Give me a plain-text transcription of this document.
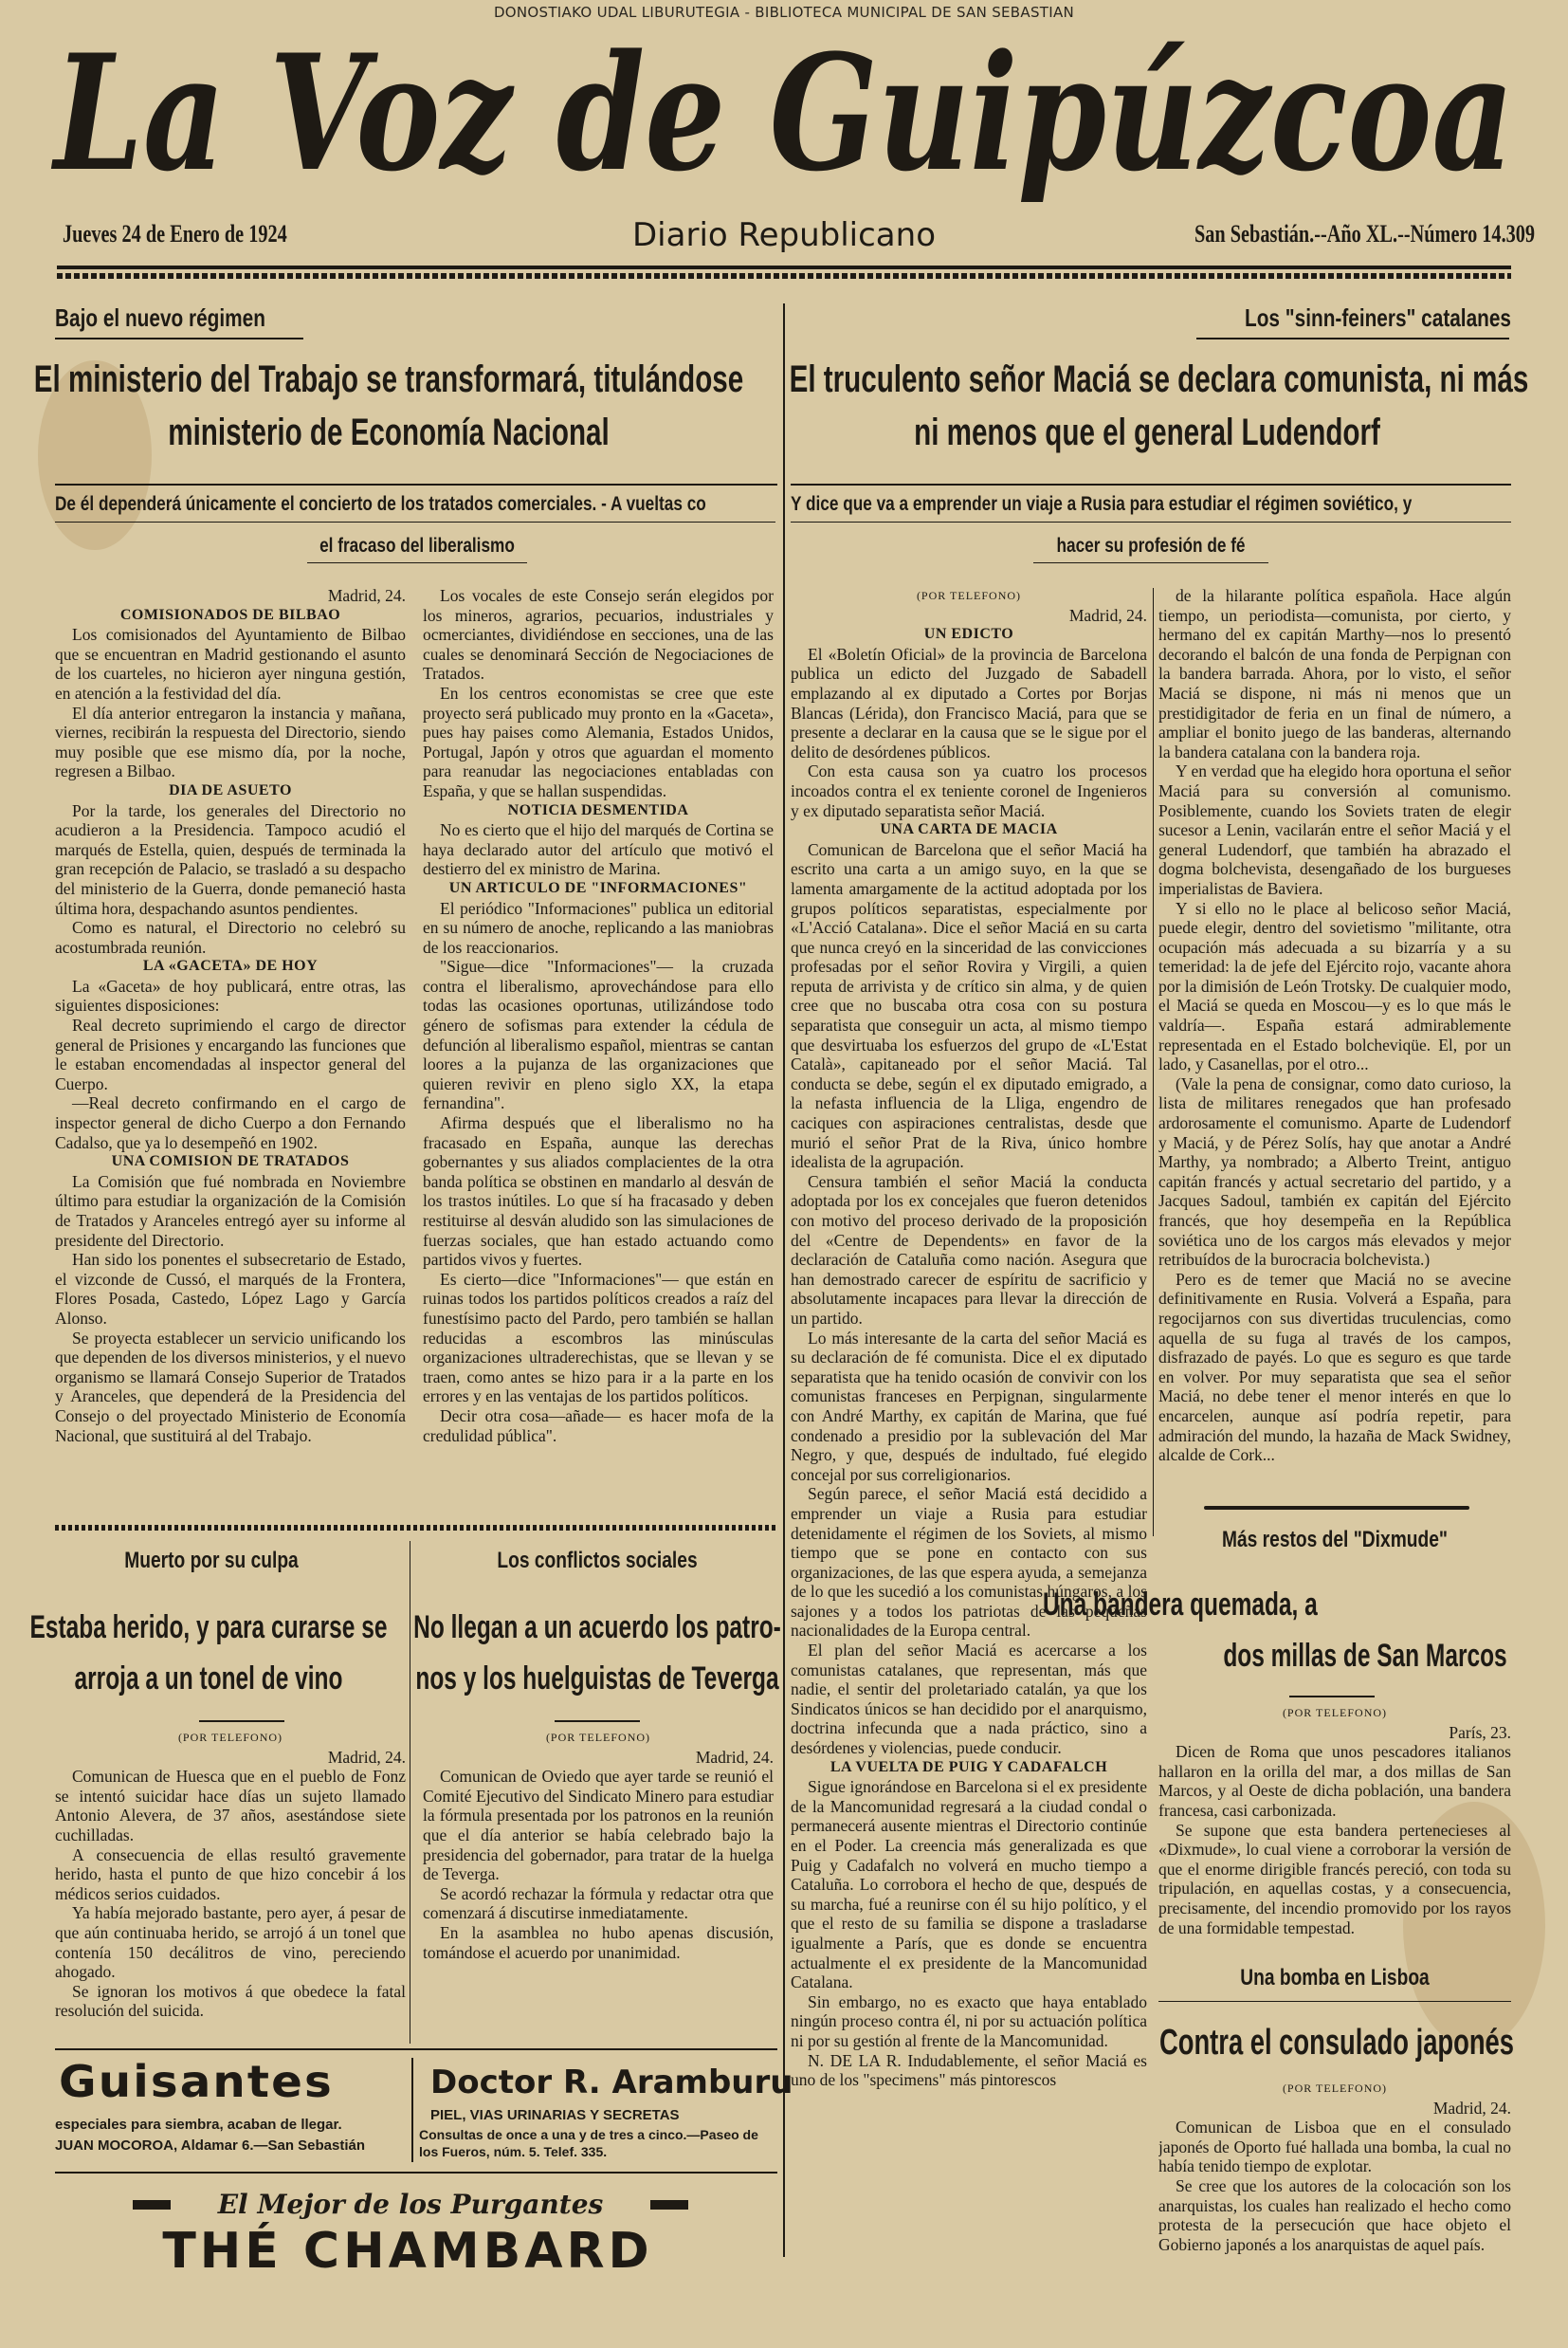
DONOSTIAKO UDAL LIBURUTEGIA - BIBLIOTECA MUNICIPAL DE SAN SEBASTIAN
La Voz de Guipúzcoa
Jueves 24 de Enero de 1924	Diario Republicano	San Sebastián.--Año XL.--Número 14.309
Bajo el nuevo régimen
El ministerio del Trabajo se transformará, titulándose
ministerio de Economía Nacional
De él dependerá únicamente el concierto de los tratados comerciales. - A vueltas co
el fracaso del liberalismo

Madrid, 24.

COMISIONADOS DE BILBAO

Los comisionados del Ayuntamiento de Bilbao que se encuentran en Madrid gestionando el asunto de los cuarteles, no hicieron ayer ninguna gestión, en atención a la festividad del día.

El día anterior entregaron la instancia y mañana, viernes, recibirán la respuesta del Directorio, siendo muy posible que ese mismo día, por la noche, regresen a Bilbao.

DIA DE ASUETO

Por la tarde, los generales del Directorio no acudieron a la Presidencia. Tampoco acudió el marqués de Estella, quien, después de terminada la gran recepción de Palacio, se trasladó a su despacho del ministerio de la Guerra, donde pemaneció hasta última hora, despachando asuntos pendientes.

Como es natural, el Directorio no celebró su acostumbrada reunión.

LA «GACETA» DE HOY

La «Gaceta» de hoy publicará, entre otras, las siguientes disposiciones:

Real decreto suprimiendo el cargo de director general de Prisiones y encargando las funciones que le estaban encomendadas al inspector general del Cuerpo.

—Real decreto confirmando en el cargo de inspector general de dicho Cuerpo a don Fernando Cadalso, que ya lo desempeñó en 1902.

UNA COMISION DE TRATADOS

La Comisión que fué nombrada en Noviembre último para estudiar la organización de la Comisión de Tratados y Aranceles entregó ayer su informe al presidente del Directorio.

Han sido los ponentes el subsecretario de Estado, el vizconde de Cussó, el marqués de la Frontera, Flores Posada, Castedo, López Lago y García Alonso.

Se proyecta establecer un servicio unificando los que dependen de los diversos ministerios, y el nuevo organismo se llamará Consejo Superior de Tratados y Aranceles, que dependerá de la Presidencia del Consejo o del proyectado Ministerio de Economía Nacional, que sustituirá al del Trabajo.

Los vocales de este Consejo serán elegidos por los mineros, agrarios, pecuarios, industriales y ocmerciantes, dividiéndose en secciones, una de las cuales se denominará Sección de Negociaciones de Tratados.

En los centros economistas se cree que este proyecto será publicado muy pronto en la «Gaceta», pues hay paises como Alemania, Estados Unidos, Portugal, Japón y otros que aguardan el momento para reanudar las negociaciones entabladas con España, y que se hallan suspendidas.

NOTICIA DESMENTIDA

No es cierto que el hijo del marqués de Cortina se haya declarado autor del artículo que motivó el destierro del ex ministro de Marina.

UN ARTICULO DE "INFORMACIONES"

El periódico "Informaciones" publica un editorial en su número de anoche, replicando a las maniobras de los reaccionarios.

"Sigue—dice "Informaciones"— la cruzada contra el liberalismo, aprovechándose para ello todas las ocasiones oportunas, utilizándose todo género de sofismas para extender la cédula de defunción al liberalismo español, mientras se cantan loores a la pujanza de las organizaciones que quieren revivir en pleno siglo XX, la etapa fernandina".

Afirma después que el liberalismo no ha fracasado en España, aunque las derechas gobernantes y sus aliados complacientes de la otra banda política se obstinen en mandarlo al desván de los trastos inútiles. Lo que sí ha fracasado y deben restituirse al desván aludido son las simulaciones de fuerzas sociales, que han estado actuando como partidos vivos y fuertes.

Es cierto—dice "Informaciones"— que están en ruinas todos los partidos políticos creados a raíz del funestísimo pacto del Pardo, pero también se hallan reducidas a escombros las minúsculas organizaciones ultraderechistas, que se llevan y se traen, como antes se hizo para ir a la parte en los errores y en las ventajas de los partidos políticos.

Decir otra cosa—añade— es hacer mofa de la credulidad pública".

Muerto por su culpa
Estaba herido, y para curarse se
arroja a un tonel de vino

(POR TELEFONO)

Madrid, 24.

Comunican de Huesca que en el pueblo de Fonz se intentó suicidar hace días un sujeto llamado Antonio Alevera, de 37 años, asestándose siete cuchilladas.

A consecuencia de ellas resultó gravemente herido, hasta el punto de que hizo concebir á los médicos serios cuidados.

Ya había mejorado bastante, pero ayer, á pesar de que aún continuaba herido, se arrojó á un tonel que contenía 150 decálitros de vino, pereciendo ahogado.

Se ignoran los motivos á que obedece la fatal resolución del suicida.

Los conflictos sociales
No llegan a un acuerdo los patro-
nos y los huelguistas de Teverga

(POR TELEFONO)

Madrid, 24.

Comunican de Oviedo que ayer tarde se reunió el Comité Ejecutivo del Sindicato Minero para estudiar la fórmula presentada por los patronos en la reunión que el día anterior se había celebrado bajo la presidencia del gobernador, para tratar de la huelga de Teverga.

Se acordó rechazar la fórmula y redactar otra que comenzará á discutirse inmediatamente.

En la asamblea no hubo apenas discusión, tomándose el acuerdo por unanimidad.

Guisantes
especiales para siembra, acaban de llegar.
JUAN MOCOROA, Aldamar 6.—San Sebastián
Doctor R. Aramburu
PIEL, VIAS URINARIAS Y SECRETAS
Consultas de once a una y de tres a cinco.—Paseo de los Fueros, núm. 5. Telef. 335.
El Mejor de los Purgantes
THÉ CHAMBARD
Los "sinn-feiners" catalanes
El truculento señor Maciá se declara comunista, ni más
ni menos que el general Ludendorf
Y dice que va a emprender un viaje a Rusia para estudiar el régimen soviético, y
hacer su profesión de fé

(POR TELEFONO)

Madrid, 24.

UN EDICTO

El «Boletín Oficial» de la provincia de Barcelona publica un edicto del Juzgado de Sabadell emplazando al ex diputado a Cortes por Borjas Blancas (Lérida), don Francisco Maciá, para que se presente a declarar en la causa que se le sigue por el delito de desórdenes públicos.

Con esta causa son ya cuatro los procesos incoados contra el ex teniente coronel de Ingenieros y ex diputado separatista señor Maciá.

UNA CARTA DE MACIA

Comunican de Barcelona que el señor Maciá ha escrito una carta a un amigo suyo, en la que se lamenta amargamente de la actitud adoptada por los grupos políticos separatistas, especialmente por «L'Acció Catalana». Dice el señor Maciá en su carta que nunca creyó en la sinceridad de las convicciones profesadas por el señor Rovira y Virgili, a quien reputa de arrivista y de crítico sin alma, y de quien cree que no buscaba otra cosa con su postura separatista que conseguir un acta, al mismo tiempo que desvirtuaba los esfuerzos del grupo de «L'Estat Català», capitaneado por el señor Maciá. Tal conducta se debe, según el ex diputado emigrado, a la nefasta influencia de la Lliga, engendro de caciques con aspiraciones centralistas, desde que murió el señor Prat de la Riva, único hombre idealista de la agrupación.

Censura también el señor Maciá la conducta adoptada por los ex concejales que fueron detenidos con motivo del proceso derivado de la proposición del «Centre de Dependents» en favor de la declaración de Cataluña como nación. Asegura que han demostrado carecer de espíritu de sacrificio y absolutamente incapaces para llevar la dirección de un partido.

Lo más interesante de la carta del señor Maciá es su declaración de fé comunista. Dice el ex diputado separatista que ha tenido ocasión de convivir con los comunistas franceses en Perpignan, singularmente con André Marthy, ex capitán de Marina, que fué condenado a presidio por la sublevación del Mar Negro, y que, después de indultado, fué elegido concejal por sus correligionarios.

Según parece, el señor Maciá está decidido a emprender un viaje a Rusia para estudiar detenidamente el régimen de los Soviets, al mismo tiempo que se pone en contacto con sus organizaciones, de las que espera ayuda, a semejanza de lo que les sucedió a los comunistas húngaros, a los sajones y a todos los patriotas de las pequeñas nacionalidades de la Europa central.

El plan del señor Maciá es acercarse a los comunistas catalanes, que representan, más que nadie, el sentir del proletariado catalán, ya que los Sindicatos únicos se han decidido por el anarquismo, doctrina infecunda que a nada práctico, sino a desórdenes y violencias, puede conducir.

LA VUELTA DE PUIG Y CADAFALCH

Sigue ignorándose en Barcelona si el ex presidente de la Mancomunidad regresará a la ciudad condal o permanecerá ausente mientras el Directorio continúe en el Poder. La creencia más generalizada es que Puig y Cadafalch no volverá en mucho tiempo a Cataluña. Lo corrobora el hecho de que, después de su marcha, fué a reunirse con él su hijo político, y el que el resto de su familia se dispone a trasladarse igualmente a París, que es donde se encuentra actualmente el ex presidente de la Mancomunidad Catalana.

Sin embargo, no es exacto que haya entablado ningún proceso contra él, ni por su actuación política ni por su gestión al frente de la Mancomunidad.

N. DE LA R. Indudablemente, el señor Maciá es uno de los "specimens" más pintorescos

de la hilarante política española. Hace algún tiempo, un periodista—comunista, por cierto, y hermano del ex capitán Marthy—nos lo presentó decorando el balcón de una fonda de Perpignan con la bandera barrada. Ahora, por lo visto, el señor Maciá se dispone, ni más ni menos que un prestidigitador de feria en un final de número, a ampliar el bonito juego de las banderas, alternando la bandera catalana con la bandera roja.

Y en verdad que ha elegido hora oportuna el señor Maciá para su conversión al comunismo. Posiblemente, cuando los Soviets traten de elegir sucesor a Lenin, vacilarán entre el señor Maciá y el general Ludendorf, que también ha abrazado el dogma bolchevista, desengañado de los burgueses imperialistas de Baviera.

Y si ello no le place al belicoso señor Maciá, puede elegir, dentro del sovietismo "militante, otra ocupación más adecuada a su bizarría y a su temeridad: la de jefe del Ejército rojo, vacante ahora por la dimisión de León Trotsky. De cualquier modo, el Maciá se queda en Moscou—y es lo que más le valdría—. España estará admirablemente representada en el Estado bolcheviqüe. El, por un lado, y Casanellas, por el otro...

(Vale la pena de consignar, como dato curioso, la lista de militares renegados que han profesado ardorosamente el comunismo. Aparte de Ludendorf y Maciá, y de Pérez Solís, hay que anotar a André Marthy, ya nombrado; a Alberto Treint, antiguo capitán francés y actual secretario del partido, y a Jacques Sadoul, también ex capitán del Ejército francés, que hoy desempeña en la República soviética uno de los cargos más elevados y mejor retribuídos de la burocracia bolchevista.)

Pero es de temer que Maciá no se avecine definitivamente en Rusia. Volverá a España, para regocijarnos con sus divertidas truculencias, como aquella de su fuga al través de los campos, disfrazado de payés. Lo que es seguro es que tarde en volver. Por muy separatista que sea el señor Maciá, no debe tener el menor interés en que lo encarcelen, aunque así podría repetir, para admiración del mundo, la hazaña de Mack Swidney, alcalde de Cork...

Más restos del "Dixmude"
Una bandera quemada, a
dos millas de San Marcos

(POR TELEFONO)

París, 23.

Dicen de Roma que unos pescadores italianos hallaron en la orilla del mar, a dos millas de San Marcos, y al Oeste de dicha población, una bandera francesa, casi carbonizada.

Se supone que esta bandera pertenecieses al «Dixmude», lo cual viene a corroborar la versión de que el enorme dirigible francés pereció, con toda su tripulación, en aquellas costas, y a consecuencia, precisamente, del incendio promovido por los rayos de una formidable tempestad.

Una bomba en Lisboa
Contra el consulado japonés

(POR TELEFONO)

Madrid, 24.

Comunican de Lisboa que en el consulado japonés de Oporto fué hallada una bomba, la cual no había tenido tiempo de explotar.

Se cree que los autores de la colocación son los anarquistas, los cuales han realizado el hecho como protesta de la persecución que hace objeto el Gobierno japonés a los anarquistas de aquel país.
